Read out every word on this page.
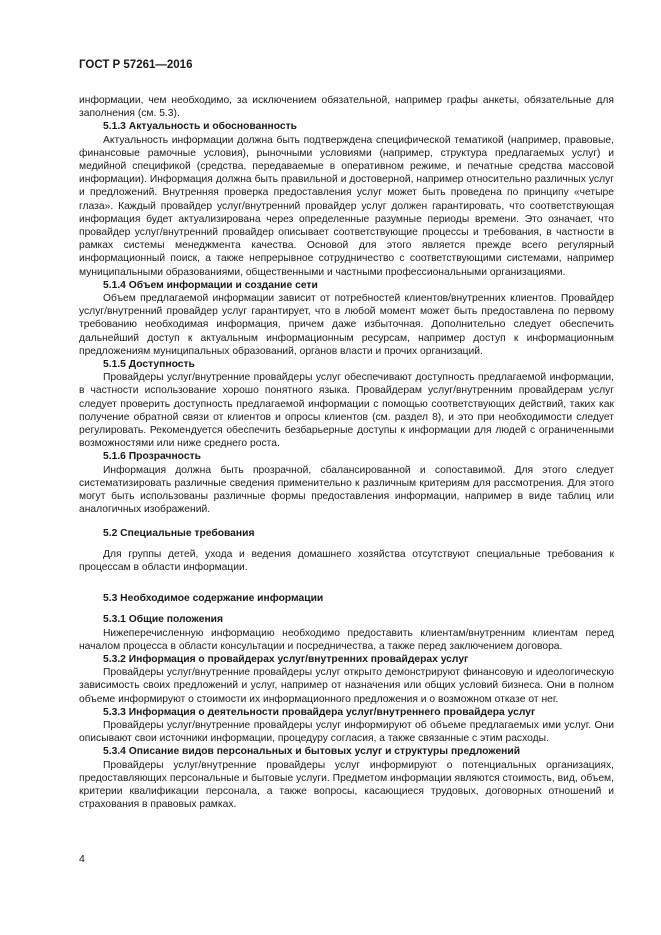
ГОСТ Р 57261—2016

информации, чем необходимо, за исключением обязательной, например графы анкеты, обязательные для заполнения (см. 5.3).

5.1.3 Актуальность и обоснованность

Актуальность информации должна быть подтверждена специфической тематикой (например, правовые, финансовые рамочные условия), рыночными условиями (например, структура предлагаемых услуг) и медийной спецификой (средства, передаваемые в оперативном режиме, и печатные средства массовой информации). Информация должна быть правильной и достоверной, например относительно различных услуг и предложений. Внутренняя проверка предоставления услуг может быть проведена по принципу «четыре глаза». Каждый провайдер услуг/внутренний провайдер услуг должен гарантировать, что соответствующая информация будет актуализирована через определенные разумные периоды времени. Это означает, что провайдер услуг/внутренний провайдер описывает соответствующие процессы и требования, в частности в рамках системы менеджмента качества. Основой для этого является прежде всего регулярный информационный поиск, а также непрерывное сотрудничество с соответствующими системами, например муниципальными образованиями, общественными и частными профессиональными организациями.

5.1.4 Объем информации и создание сети

Объем предлагаемой информации зависит от потребностей клиентов/внутренних клиентов. Провайдер услуг/внутренний провайдер услуг гарантирует, что в любой момент может быть предоставлена по первому требованию необходимая информация, причем даже избыточная. Дополнительно следует обеспечить дальнейший доступ к актуальным информационным ресурсам, например доступ к информационным предложениям муниципальных образований, органов власти и прочих организаций.

5.1.5 Доступность

Провайдеры услуг/внутренние провайдеры услуг обеспечивают доступность предлагаемой информации, в частности использование хорошо понятного языка. Провайдерам услуг/внутренним провайдерам услуг следует проверить доступность предлагаемой информации с помощью соответствующих действий, таких как получение обратной связи от клиентов и опросы клиентов (см. раздел 8), и это при необходимости следует регулировать. Рекомендуется обеспечить безбарьерные доступы к информации для людей с ограниченными возможностями или ниже среднего роста.

5.1.6 Прозрачность

Информация должна быть прозрачной, сбалансированной и сопоставимой. Для этого следует систематизировать различные сведения применительно к различным критериям для рассмотрения. Для этого могут быть использованы различные формы предоставления информации, например в виде таблиц или аналогичных изображений.

5.2 Специальные требования

Для группы детей, ухода и ведения домашнего хозяйства отсутствуют специальные требования к процессам в области информации.

5.3 Необходимое содержание информации

5.3.1 Общие положения

Нижеперечисленную информацию необходимо предоставить клиентам/внутренним клиентам перед началом процесса в области консультации и посредничества, а также перед заключением договора.

5.3.2 Информация о провайдерах услуг/внутренних провайдерах услуг

Провайдеры услуг/внутренние провайдеры услуг открыто демонстрируют финансовую и идеологическую зависимость своих предложений и услуг, например от назначения или общих условий бизнеса. Они в полном объеме информируют о стоимости их информационного предложения и о возможном отказе от нег.

5.3.3 Информация о деятельности провайдера услуг/внутреннего провайдера услуг

Провайдеры услуг/внутренние провайдеры услуг информируют об объеме предлагаемых ими услуг. Они описывают свои источники информации, процедуру согласия, а также связанные с этим расходы.

5.3.4 Описание видов персональных и бытовых услуг и структуры предложений

Провайдеры услуг/внутренние провайдеры услуг информируют о потенциальных организациях, предоставляющих персональные и бытовые услуги. Предметом информации являются стоимость, вид, объем, критерии квалификации персонала, а также вопросы, касающиеся трудовых, договорных отношений и страхования в правовых рамках.

4
